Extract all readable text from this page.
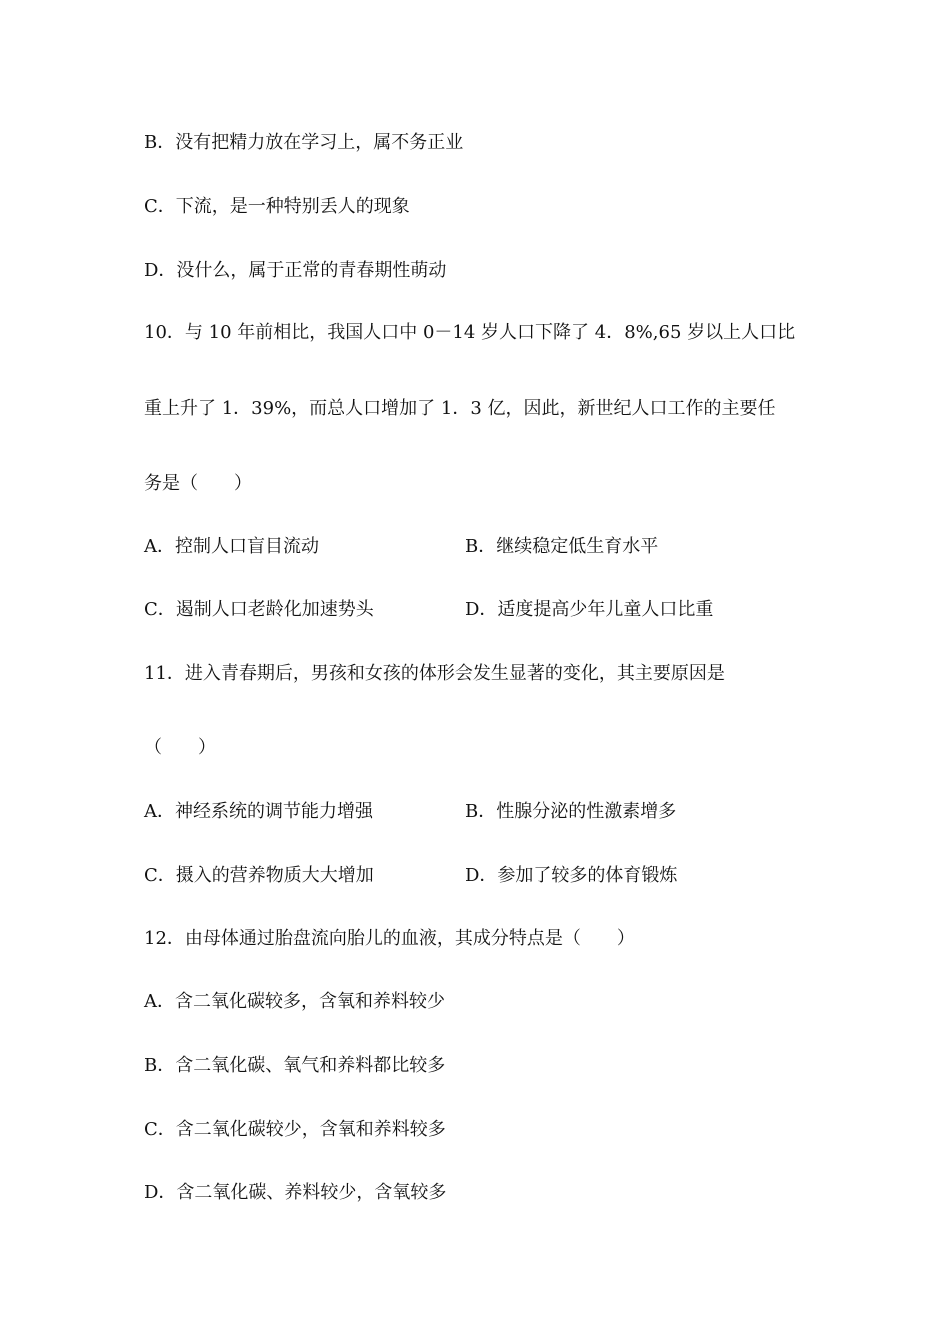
B．没有把精力放在学习上，属不务正业
C．下流，是一种特别丢人的现象
D．没什么，属于正常的青春期性萌动
10．与 10 年前相比，我国人口中 0－14 岁人口下降了 4．8%,65 岁以上人口比
重上升了 1．39%，而总人口增加了 1．3 亿，因此，新世纪人口工作的主要任
务是（　　）
A．控制人口盲目流动	B．继续稳定低生育水平
C．遏制人口老龄化加速势头	D．适度提高少年儿童人口比重
11．进入青春期后，男孩和女孩的体形会发生显著的变化，其主要原因是
（　　）
A．神经系统的调节能力增强	B．性腺分泌的性激素增多
C．摄入的营养物质大大增加	D．参加了较多的体育锻炼
12．由母体通过胎盘流向胎儿的血液，其成分特点是（　　）
A．含二氧化碳较多，含氧和养料较少
B．含二氧化碳、氧气和养料都比较多
C．含二氧化碳较少，含氧和养料较多
D．含二氧化碳、养料较少，含氧较多
